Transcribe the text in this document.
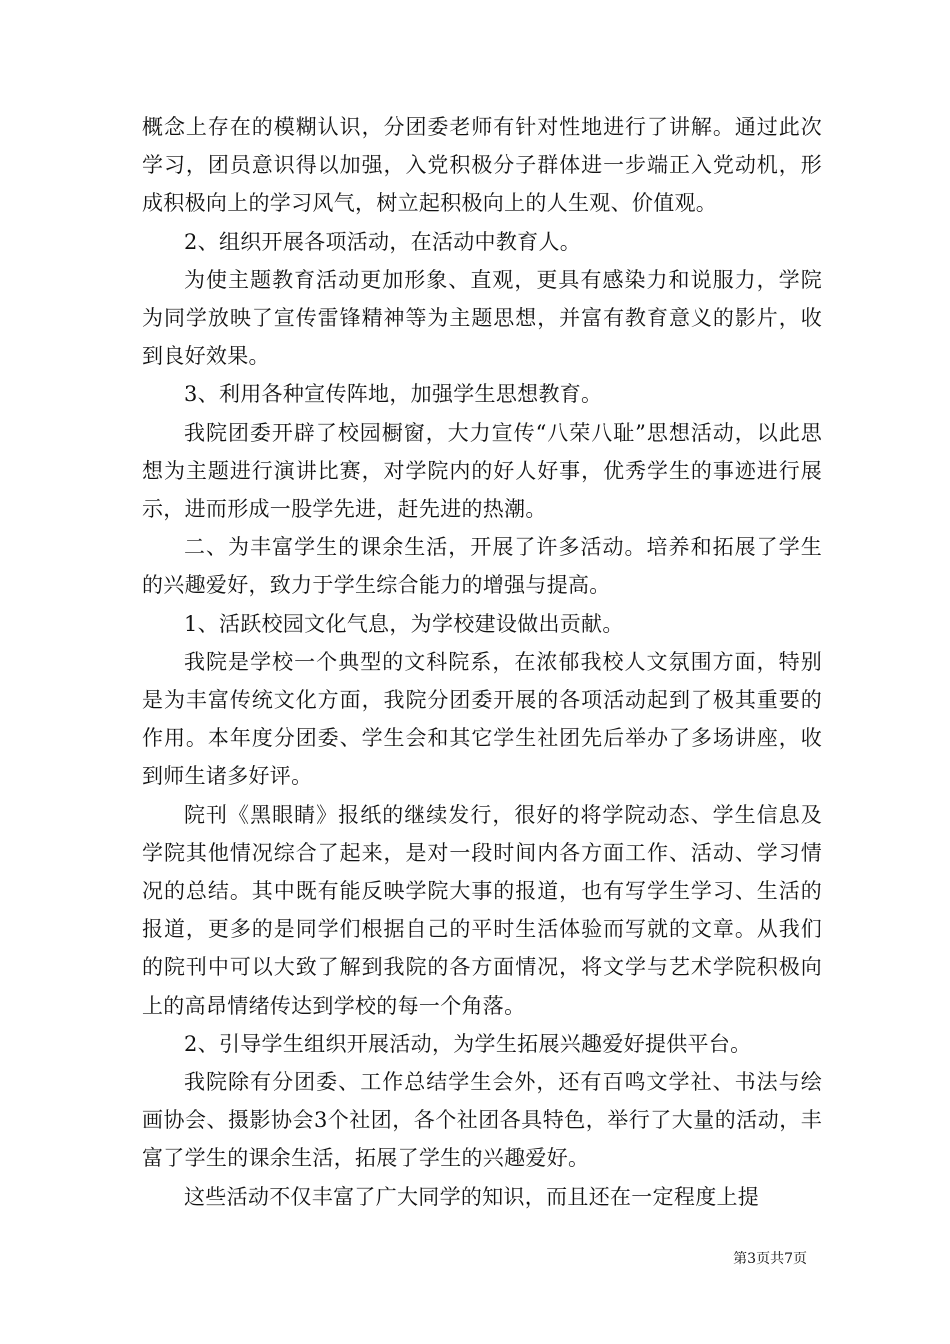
概念上存在的模糊认识，分团委老师有针对性地进行了讲解。通过此次学习，团员意识得以加强，入党积极分子群体进一步端正入党动机，形成积极向上的学习风气，树立起积极向上的人生观、价值观。

2、组织开展各项活动，在活动中教育人。

为使主题教育活动更加形象、直观，更具有感染力和说服力，学院为同学放映了宣传雷锋精神等为主题思想，并富有教育意义的影片，收到良好效果。

3、利用各种宣传阵地，加强学生思想教育。

我院团委开辟了校园橱窗，大力宣传“八荣八耻”思想活动，以此思想为主题进行演讲比赛，对学院内的好人好事，优秀学生的事迹进行展示，进而形成一股学先进，赶先进的热潮。

二、为丰富学生的课余生活，开展了许多活动。培养和拓展了学生的兴趣爱好，致力于学生综合能力的增强与提高。

1、活跃校园文化气息，为学校建设做出贡献。

我院是学校一个典型的文科院系，在浓郁我校人文氛围方面，特别是为丰富传统文化方面，我院分团委开展的各项活动起到了极其重要的作用。本年度分团委、学生会和其它学生社团先后举办了多场讲座，收到师生诸多好评。

院刊《黑眼睛》报纸的继续发行，很好的将学院动态、学生信息及学院其他情况综合了起来，是对一段时间内各方面工作、活动、学习情况的总结。其中既有能反映学院大事的报道，也有写学生学习、生活的报道，更多的是同学们根据自己的平时生活体验而写就的文章。从我们的院刊中可以大致了解到我院的各方面情况，将文学与艺术学院积极向上的高昂情绪传达到学校的每一个角落。

2、引导学生组织开展活动，为学生拓展兴趣爱好提供平台。

我院除有分团委、工作总结学生会外，还有百鸣文学社、书法与绘画协会、摄影协会3个社团，各个社团各具特色，举行了大量的活动，丰富了学生的课余生活，拓展了学生的兴趣爱好。

这些活动不仅丰富了广大同学的知识，而且还在一定程度上提

第3页共7页
